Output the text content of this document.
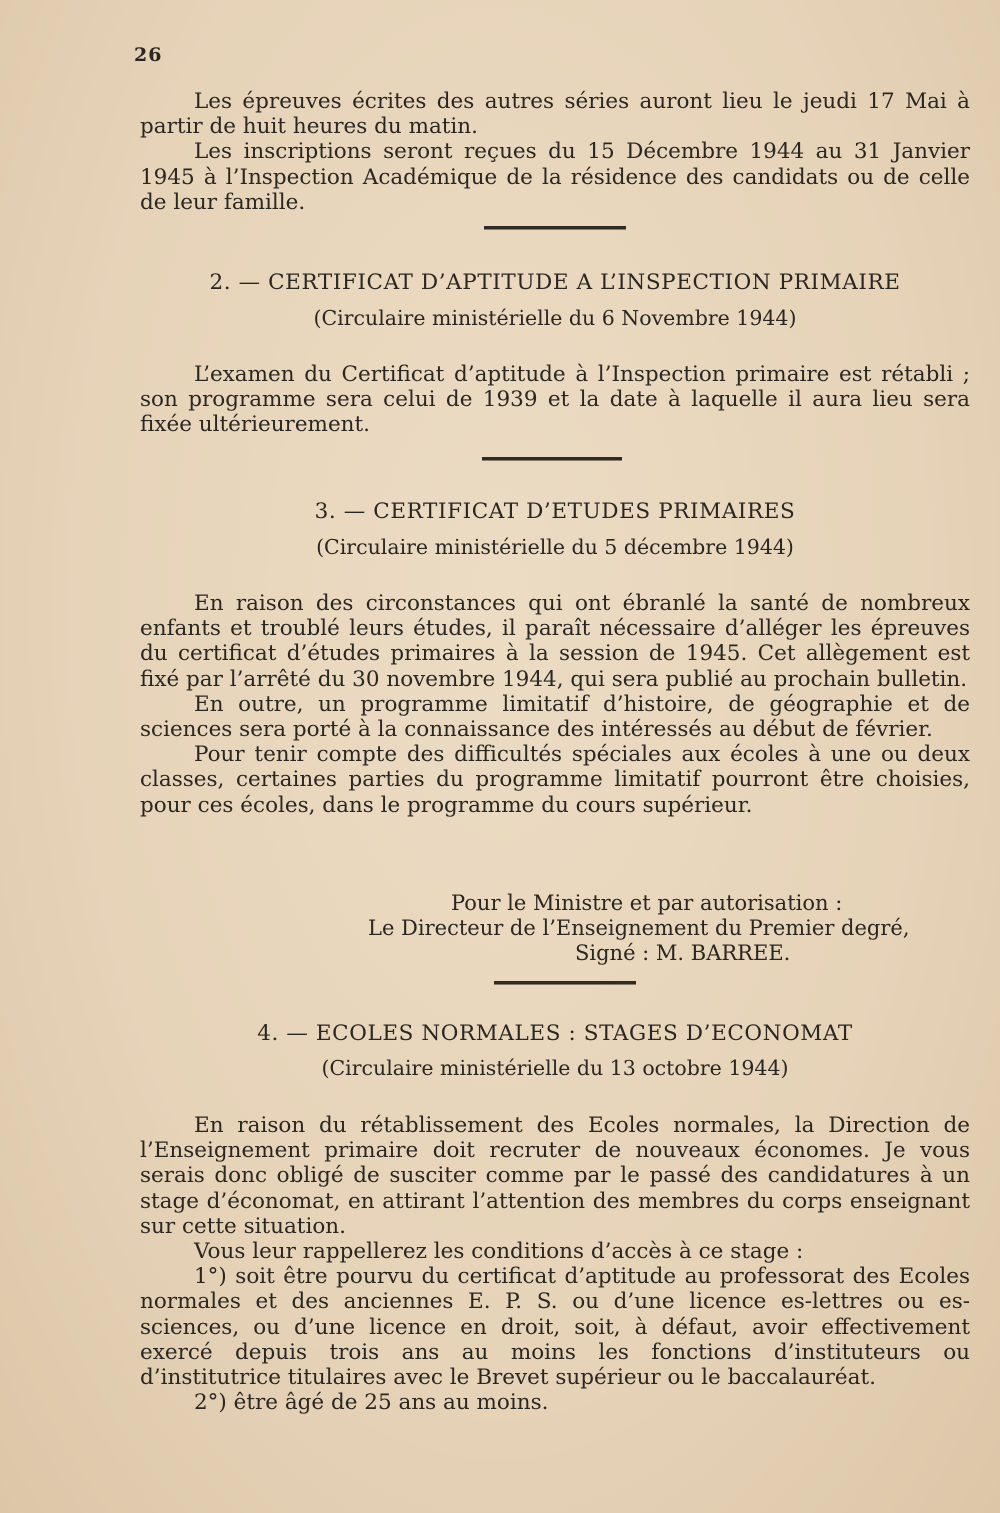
26

Les épreuves écrites des autres séries auront lieu le jeudi 17 Mai à partir de huit heures du matin.

Les inscriptions seront reçues du 15 Décembre 1944 au 31 Janvier 1945 à l’Inspection Académique de la résidence des candidats ou de celle de leur famille.

2. — CERTIFICAT D’APTITUDE A L’INSPECTION PRIMAIRE
(Circulaire ministérielle du 6 Novembre 1944)

L’examen du Certificat d’aptitude à l’Inspection primaire est rétabli ; son programme sera celui de 1939 et la date à laquelle il aura lieu sera fixée ultérieurement.

3. — CERTIFICAT D’ETUDES PRIMAIRES
(Circulaire ministérielle du 5 décembre 1944)

En raison des circonstances qui ont ébranlé la santé de nombreux enfants et troublé leurs études, il paraît nécessaire d’alléger les épreuves du certificat d’études primaires à la session de 1945. Cet allègement est fixé par l’arrêté du 30 novembre 1944, qui sera publié au prochain bulletin.

En outre, un programme limitatif d’histoire, de géographie et de sciences sera porté à la connaissance des intéressés au début de février.

Pour tenir compte des difficultés spéciales aux écoles à une ou deux classes, certaines parties du programme limitatif pourront être choisies, pour ces écoles, dans le programme du cours supérieur.

Pour le Ministre et par autorisation :
Le Directeur de l’Enseignement du Premier degré,
Signé : M. BARREE.
4. — ECOLES NORMALES : STAGES D’ECONOMAT
(Circulaire ministérielle du 13 octobre 1944)

En raison du rétablissement des Ecoles normales, la Direction de l’Enseignement primaire doit recruter de nouveaux économes. Je vous serais donc obligé de susciter comme par le passé des candidatures à un stage d’économat, en attirant l’attention des membres du corps enseignant sur cette situation.

Vous leur rappellerez les conditions d’accès à ce stage :

1°) soit être pourvu du certificat d’aptitude au professorat des Ecoles normales et des anciennes E. P. S. ou d’une licence es-lettres ou es-sciences, ou d’une licence en droit, soit, à défaut, avoir effectivement exercé depuis trois ans au moins les fonctions d’instituteurs ou d’institutrice titulaires avec le Brevet supérieur ou le baccalauréat.

2°) être âgé de 25 ans au moins.
